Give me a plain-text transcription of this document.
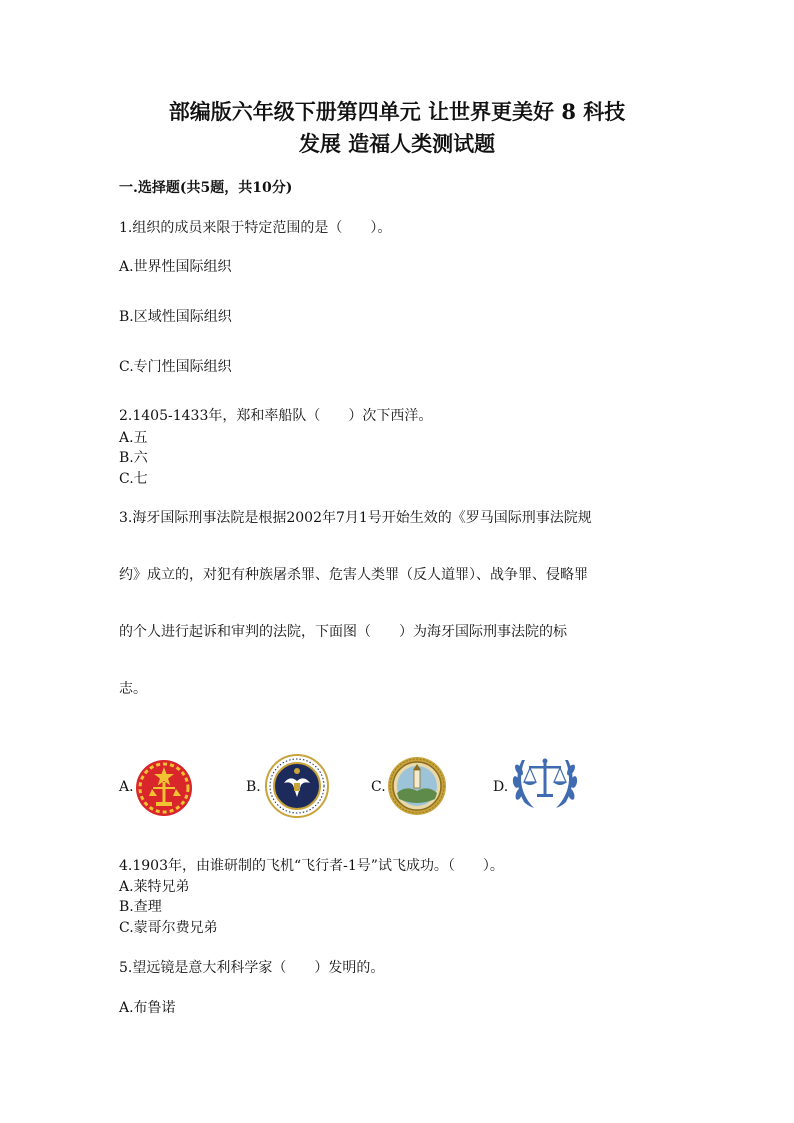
部编版六年级下册第四单元 让世界更美好 8 科技
发展 造福人类测试题
一.选择题(共5题，共10分)
1.组织的成员来限于特定范围的是（　　）。
A.世界性国际组织
B.区域性国际组织
C.专门性国际组织
2.1405-1433年，郑和率船队（　　）次下西洋。
A.五
B.六
C.七
3.海牙国际刑事法院是根据2002年7月1号开始生效的《罗马国际刑事法院规
约》成立的，对犯有种族屠杀罪、危害人类罪（反人道罪）、战争罪、侵略罪
的个人进行起诉和审判的法院，下面图（　　）为海牙国际刑事法院的标
志。
A.	B.	C.	D.
4.1903年，由谁研制的飞机“飞行者-1号”试飞成功。（　　）。
A.莱特兄弟
B.查理
C.蒙哥尔费兄弟
5.望远镜是意大利科学家（　　）发明的。
A.布鲁诺
